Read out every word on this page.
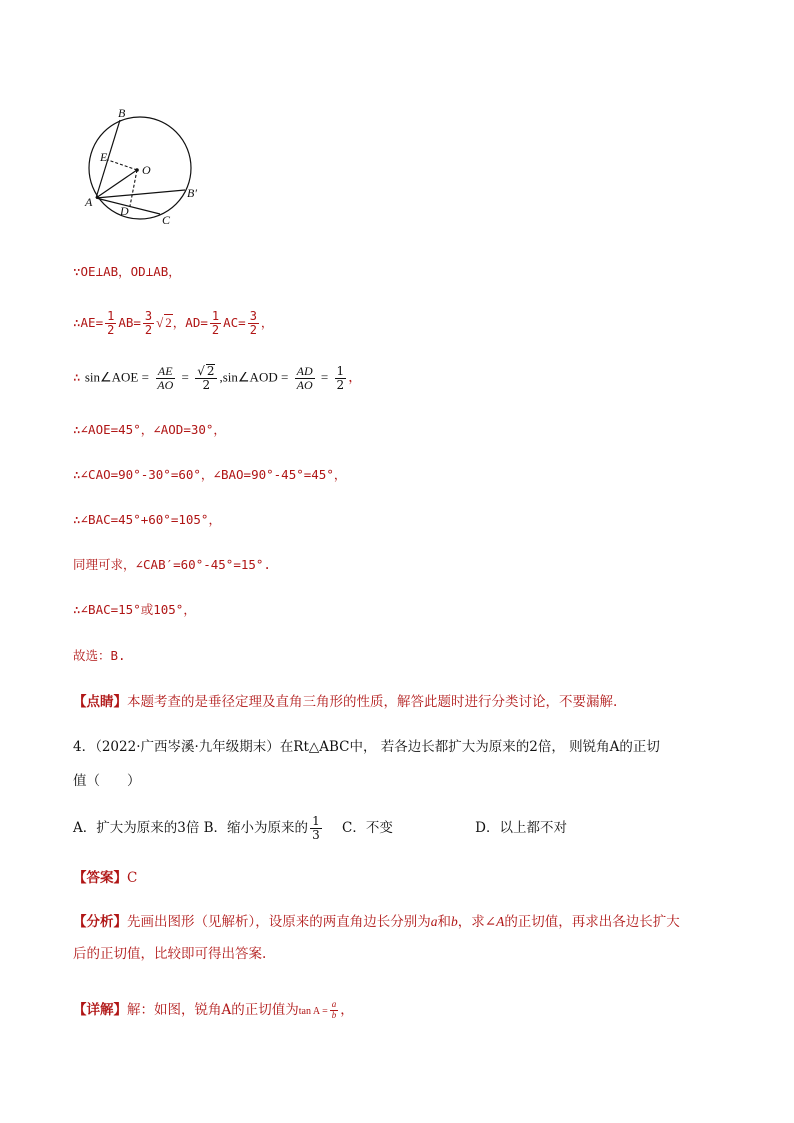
B
E
O
A
B′
D
C
∵OE⊥AB，OD⊥AB，
∴AE= $\frac{1}{2} AB= \frac{3}{2}$ √ 2，$AD= \frac{1}{2} AC= \frac{3}{2}$ ，
∴ sin∠AOE = $\frac{AE}{AO} = \frac{√ 2}{2}$ ,sin∠AOD = $\frac{AD}{AO} = \frac{1}{2}$ ，
∴∠AOE=45°，∠AOD=30°，
∴∠CAO=90°-30°=60°，∠BAO=90°-45°=45°，
∴∠BAC=45°+60°=105°，
同理可求，∠CAB′=60°-45°=15°.
∴∠BAC=15°或105°，
故选：B.
【点睛】本题考查的是垂径定理及直角三角形的性质，解答此题时进行分类讨论，不要漏解.
4．（2022·广西岑溪·九年级期末）在Rt△ABC中， 若各边长都扩大为原来的2倍， 则锐角A的正切
值（　　）
A．扩大为原来的3倍 B．缩小为原来的 $\frac{1}{3}$ C．不变	D．以上都不对
【答案】C
【分析】先画出图形（见解析），设原来的两直角边长分别为a和b，求∠A的正切值，再求出各边长扩大
后的正切值，比较即可得出答案.
【详解】解：如图，锐角A的正切值为$\tan A = \frac{a}{b}$ ，
